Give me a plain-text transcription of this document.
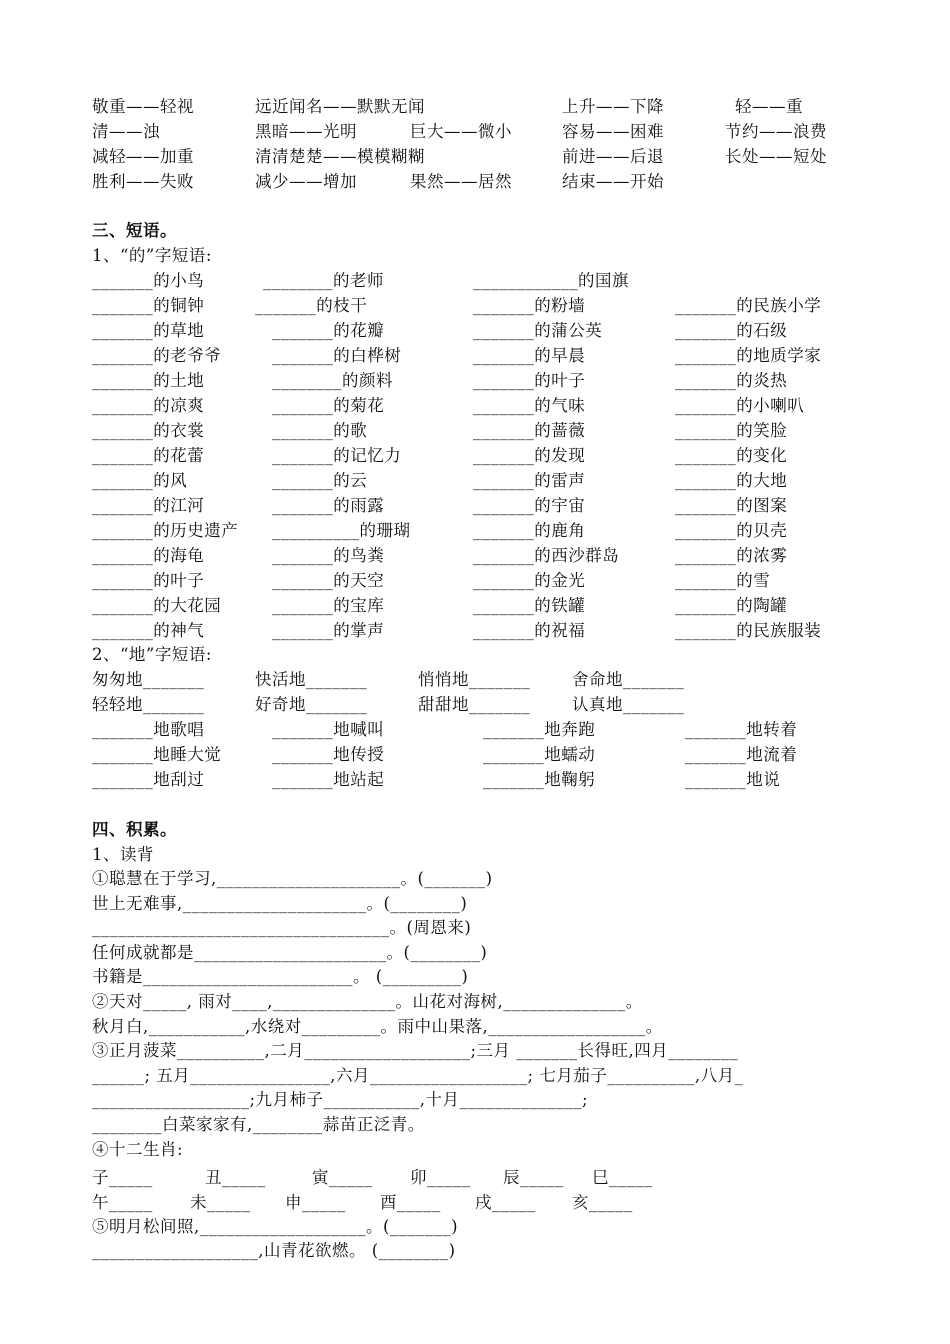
敬重——轻视	远近闻名——默默无闻	上升——下降	轻——重
清——浊	黑暗——光明	巨大——微小	容易——困难	节约——浪费
减轻——加重	清清楚楚——模模糊糊	前进——后退	长处——短处
胜利——失败	减少——增加	果然——居然	结束——开始
三、短语。
1、“的”字短语:
_______的小鸟	________的老师	____________的国旗
_______的铜钟	_______的枝干	_______的粉墙	_______的民族小学
_______的草地	_______的花瓣	_______的蒲公英	_______的石级
_______的老爷爷	_______的白桦树	_______的早晨	_______的地质学家
_______的土地	________的颜料	_______的叶子	_______的炎热
_______的凉爽	_______的菊花	_______的气味	_______的小喇叭
_______的衣裳	_______的歌	_______的蔷薇	_______的笑脸
_______的花蕾	_______的记忆力	_______的发现	_______的变化
_______的风	_______的云	_______的雷声	_______的大地
_______的江河	_______的雨露	_______的宇宙	_______的图案
_______的历史遗产 __________的珊瑚	_______的鹿角	_______的贝壳
_______的海龟	_______的鸟粪	_______的西沙群岛	_______的浓雾
_______的叶子	_______的天空	_______的金光	_______的雪
_______的大花园	_______的宝库	_______的铁罐	_______的陶罐
_______的神气	_______的掌声	_______的祝福	_______的民族服装
2、“地”字短语:
匆匆地_______	快活地_______	悄悄地_______	舍命地_______
轻轻地_______	好奇地_______	甜甜地_______	认真地_______
_______地歌唱	_______地喊叫	_______地奔跑	_______地转着
_______地睡大觉	_______地传授	_______地蠕动	_______地流着
_______地刮过	_______地站起	_______地鞠躬	_______地说
四、积累。
1、读背
①聪慧在于学习,_____________________。(_______)
世上无难事,_____________________。(________)
__________________________________。(周恩来)
任何成就都是______________________。(________)
书籍是________________________。 (_________)
②天对_____, 雨对____,______________。山花对海树,______________。
秋月白,___________,水绕对_________。雨中山果落,__________________。
③正月菠菜__________,二月___________________;三月 _______长得旺,四月________
______; 五月________________,六月__________________; 七月茄子__________,八月_
__________________;九月柿子___________,十月______________;
________白菜家家有,________蒜苗正泛青。
④十二生肖:
子_____	丑_____	寅_____ 卯_____ 辰_____ 巳_____
午_____ 未_____ 申_____ 酉_____ 戌_____ 亥_____
⑤明月松间照,___________________。(_______)
___________________,山青花欲燃。 (________)
